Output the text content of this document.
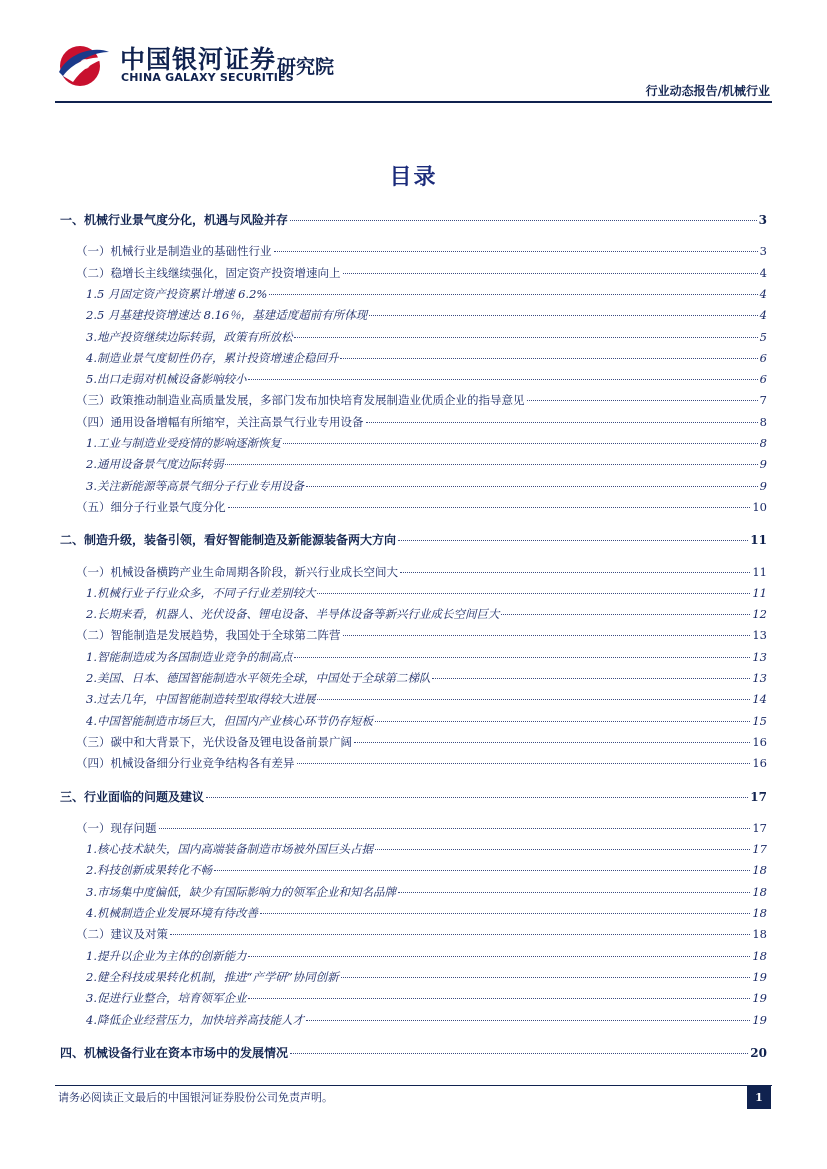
中国银河证券
CHINA GALAXY SECURITIES
研究院
行业动态报告/机械行业
目录
一、机械行业景气度分化，机遇与风险并存	3
（一）机械行业是制造业的基础性行业	3
（二）稳增长主线继续强化，固定资产投资增速向上	4
1.5 月固定资产投资累计增速 6.2%	4
2.5 月基建投资增速达 8.16％，基建适度超前有所体现	4
3.地产投资继续边际转弱，政策有所放松	5
4.制造业景气度韧性仍存，累计投资增速企稳回升	6
5.出口走弱对机械设备影响较小	6
（三）政策推动制造业高质量发展，多部门发布加快培育发展制造业优质企业的指导意见	7
（四）通用设备增幅有所缩窄，关注高景气行业专用设备	8
1.工业与制造业受疫情的影响逐渐恢复	8
2.通用设备景气度边际转弱	9
3.关注新能源等高景气细分子行业专用设备	9
（五）细分子行业景气度分化	10
二、制造升级，装备引领，看好智能制造及新能源装备两大方向	11
（一）机械设备横跨产业生命周期各阶段，新兴行业成长空间大	11
1.机械行业子行业众多，不同子行业差别较大	11
2.长期来看，机器人、光伏设备、锂电设备、半导体设备等新兴行业成长空间巨大	12
（二）智能制造是发展趋势，我国处于全球第二阵营	13
1.智能制造成为各国制造业竞争的制高点	13
2.美国、日本、德国智能制造水平领先全球，中国处于全球第二梯队	13
3.过去几年，中国智能制造转型取得较大进展	14
4.中国智能制造市场巨大，但国内产业核心环节仍存短板	15
（三）碳中和大背景下，光伏设备及锂电设备前景广阔	16
（四）机械设备细分行业竞争结构各有差异	16
三、行业面临的问题及建议	17
（一）现存问题	17
1.核心技术缺失，国内高端装备制造市场被外国巨头占据	17
2.科技创新成果转化不畅	18
3.市场集中度偏低，缺少有国际影响力的领军企业和知名品牌	18
4.机械制造企业发展环境有待改善	18
（二）建议及对策	18
1.提升以企业为主体的创新能力	18
2.健全科技成果转化机制，推进“产学研”协同创新	19
3.促进行业整合，培育领军企业	19
4.降低企业经营压力，加快培养高技能人才	19
四、机械设备行业在资本市场中的发展情况	20
请务必阅读正文最后的中国银河证券股份公司免责声明。	1
